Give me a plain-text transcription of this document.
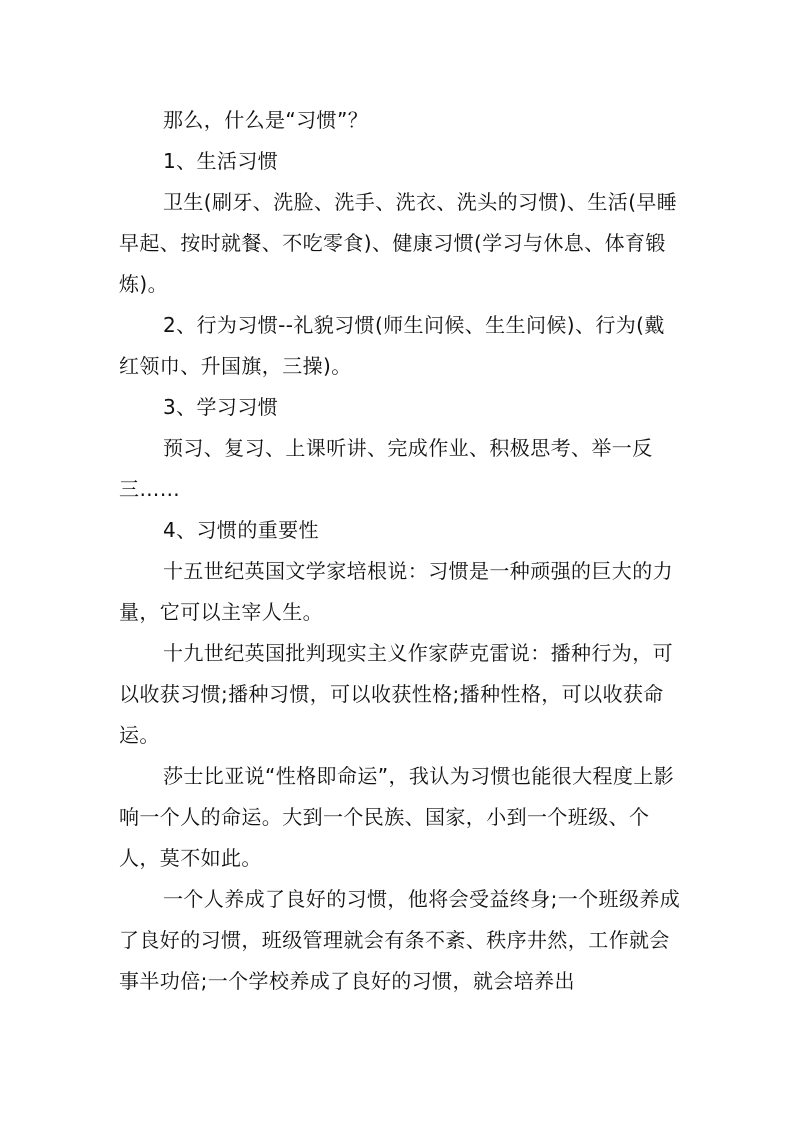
那么，什么是“习惯”？

1、生活习惯

卫生(刷牙、洗脸、洗手、洗衣、洗头的习惯)、生活(早睡早起、按时就餐、不吃零食)、健康习惯(学习与休息、体育锻炼)。

2、行为习惯--礼貌习惯(师生问候、生生问候)、行为(戴红领巾、升国旗，三操)。

3、学习习惯

预习、复习、上课听讲、完成作业、积极思考、举一反三……

4、习惯的重要性

十五世纪英国文学家培根说：习惯是一种顽强的巨大的力量，它可以主宰人生。

十九世纪英国批判现实主义作家萨克雷说：播种行为，可以收获习惯;播种习惯，可以收获性格;播种性格，可以收获命运。

莎士比亚说“性格即命运”，我认为习惯也能很大程度上影响一个人的命运。大到一个民族、国家，小到一个班级、个人，莫不如此。

一个人养成了良好的习惯，他将会受益终身;一个班级养成了良好的习惯，班级管理就会有条不紊、秩序井然，工作就会事半功倍;一个学校养成了良好的习惯，就会培养出
